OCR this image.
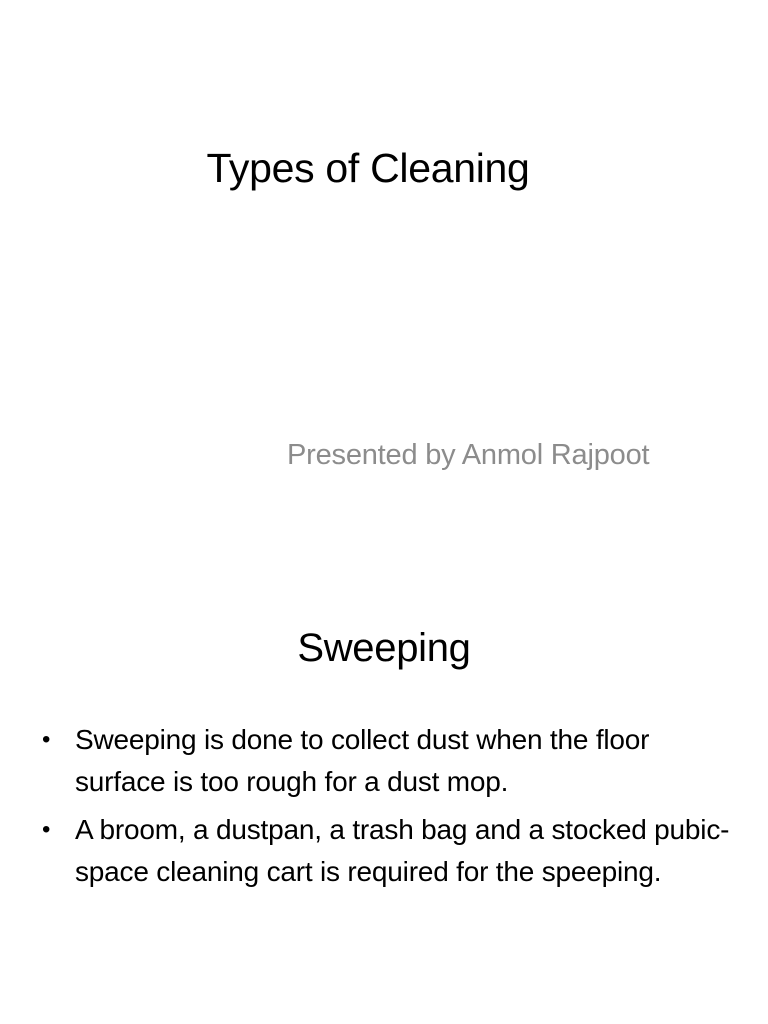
Types of Cleaning

Presented by Anmol Rajpoot

Sweeping
• Sweeping is done to collect dust when the floor surface is too rough for a dust mop.
• A broom, a dustpan, a trash bag and a stocked pubic-space cleaning cart is required for the speeping.
